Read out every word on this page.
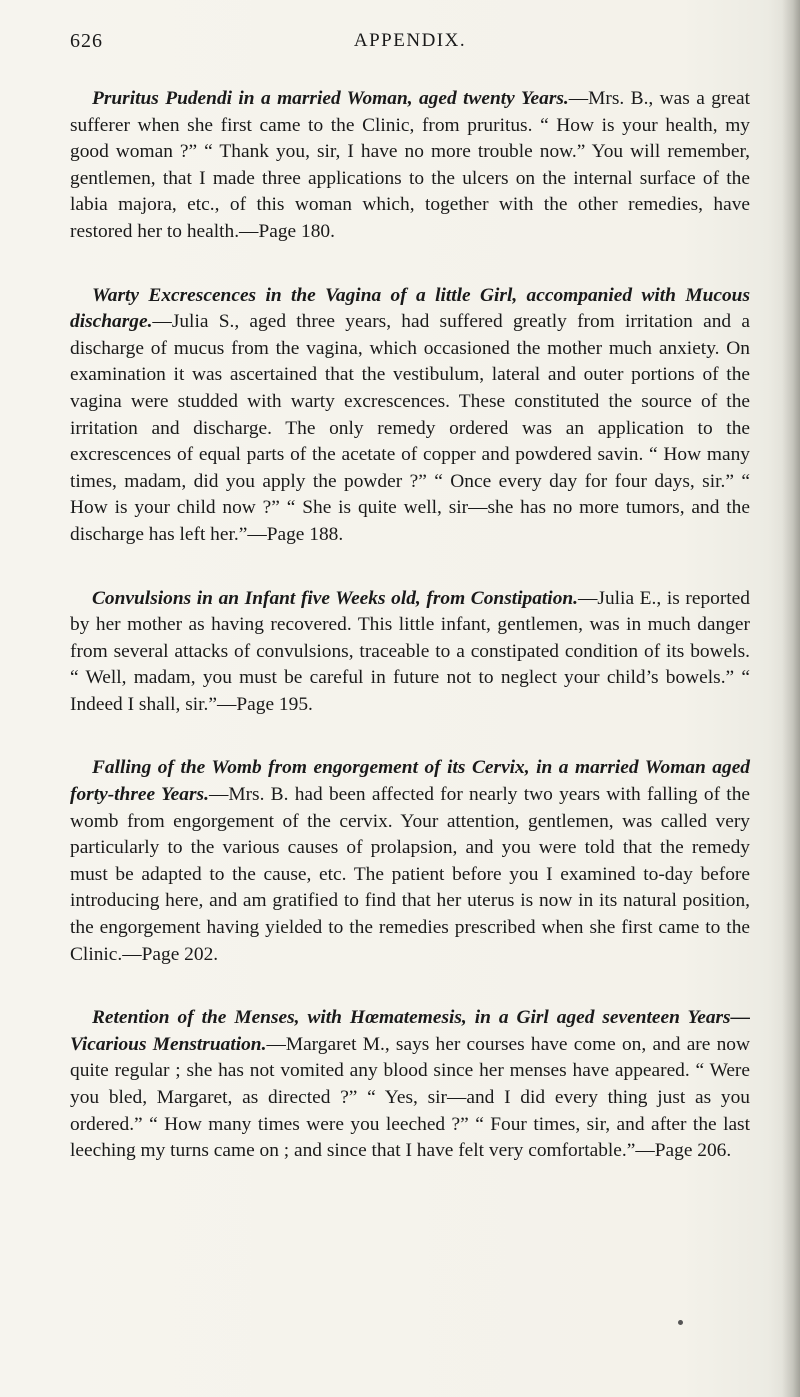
626	APPENDIX.

Pruritus Pudendi in a married Woman, aged twenty Years.—Mrs. B., was a great sufferer when she first came to the Clinic, from pruritus. “ How is your health, my good woman ?” “ Thank you, sir, I have no more trouble now.” You will remember, gentlemen, that I made three applications to the ulcers on the internal surface of the labia majora, etc., of this woman which, together with the other remedies, have restored her to health.—Page 180.

Warty Excrescences in the Vagina of a little Girl, accompanied with Mucous discharge.—Julia S., aged three years, had suffered greatly from irritation and a discharge of mucus from the vagina, which occasioned the mother much anxiety. On examination it was ascertained that the vestibulum, lateral and outer portions of the vagina were studded with warty excrescences. These constituted the source of the irritation and discharge. The only remedy ordered was an application to the excrescences of equal parts of the acetate of copper and powdered savin. “ How many times, madam, did you apply the powder ?” “ Once every day for four days, sir.” “ How is your child now ?” “ She is quite well, sir—she has no more tumors, and the discharge has left her.”—Page 188.

Convulsions in an Infant five Weeks old, from Constipation.—Julia E., is reported by her mother as having recovered. This little infant, gentlemen, was in much danger from several attacks of convulsions, traceable to a constipated condition of its bowels. “ Well, madam, you must be careful in future not to neglect your child’s bowels.” “ Indeed I shall, sir.”—Page 195.

Falling of the Womb from engorgement of its Cervix, in a married Woman aged forty-three Years.—Mrs. B. had been affected for nearly two years with falling of the womb from engorgement of the cervix. Your attention, gentlemen, was called very particularly to the various causes of prolapsion, and you were told that the remedy must be adapted to the cause, etc. The patient before you I examined to-day before introducing here, and am gratified to find that her uterus is now in its natural position, the engorgement having yielded to the remedies prescribed when she first came to the Clinic.—Page 202.

Retention of the Menses, with Hœmatemesis, in a Girl aged seventeen Years—Vicarious Menstruation.—Margaret M., says her courses have come on, and are now quite regular ; she has not vomited any blood since her menses have appeared. “ Were you bled, Margaret, as directed ?” “ Yes, sir—and I did every thing just as you ordered.” “ How many times were you leeched ?” “ Four times, sir, and after the last leeching my turns came on ; and since that I have felt very comfortable.”—Page 206.
